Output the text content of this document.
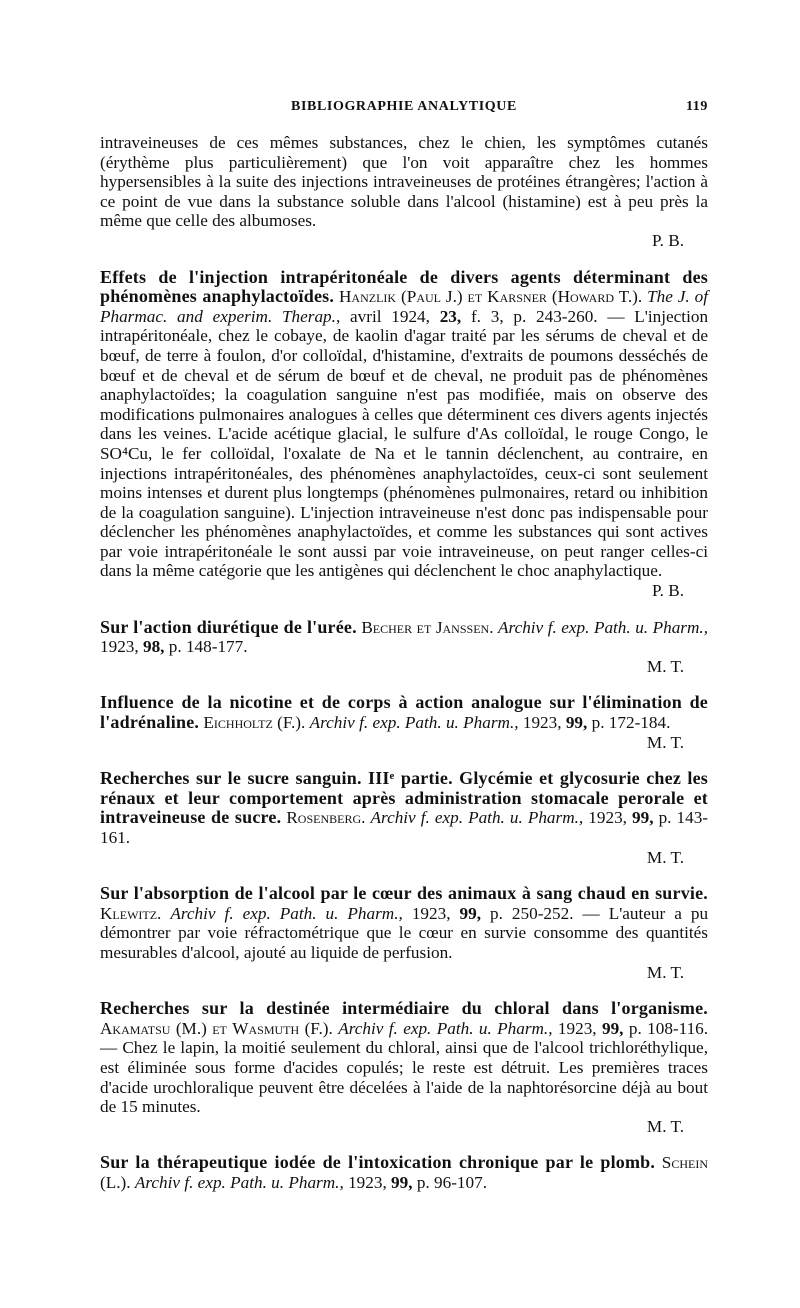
BIBLIOGRAPHIE ANALYTIQUE	119

intraveineuses de ces mêmes substances, chez le chien, les symptômes cutanés (érythème plus particulièrement) que l'on voit apparaître chez les hommes hypersensibles à la suite des injections intraveineuses de protéines étrangères; l'action à ce point de vue dans la substance soluble dans l'alcool (histamine) est à peu près la même que celle des albumoses.
P. B.

Effets de l'injection intrapéritonéale de divers agents déterminant des phénomènes anaphylactoïdes. Hanzlik (Paul J.) et Karsner (Howard T.). The J. of Pharmac. and experim. Therap., avril 1924, 23, f. 3, p. 243-260. — L'injection intrapéritonéale, chez le cobaye, de kaolin d'agar traité par les sérums de cheval et de bœuf, de terre à foulon, d'or colloïdal, d'histamine, d'extraits de poumons desséchés de bœuf et de cheval et de sérum de bœuf et de cheval, ne produit pas de phénomènes anaphylactoïdes; la coagulation sanguine n'est pas modifiée, mais on observe des modifications pulmonaires analogues à celles que déterminent ces divers agents injectés dans les veines. L'acide acétique glacial, le sulfure d'As colloïdal, le rouge Congo, le SO⁴Cu, le fer colloïdal, l'oxalate de Na et le tannin déclenchent, au contraire, en injections intrapéritonéales, des phénomènes anaphylactoïdes, ceux-ci sont seulement moins intenses et durent plus longtemps (phénomènes pulmonaires, retard ou inhibition de la coagulation sanguine). L'injection intraveineuse n'est donc pas indispensable pour déclencher les phénomènes anaphylactoïdes, et comme les substances qui sont actives par voie intrapéritonéale le sont aussi par voie intraveineuse, on peut ranger celles-ci dans la même catégorie que les antigènes qui déclenchent le choc anaphylactique.
P. B.

Sur l'action diurétique de l'urée. Becher et Janssen. Archiv f. exp. Path. u. Pharm., 1923, 98, p. 148-177.
M. T.

Influence de la nicotine et de corps à action analogue sur l'élimination de l'adrénaline. Eichholtz (F.). Archiv f. exp. Path. u. Pharm., 1923, 99, p. 172-184.
M. T.

Recherches sur le sucre sanguin. IIIᵉ partie. Glycémie et glycosurie chez les rénaux et leur comportement après administration stomacale perorale et intraveineuse de sucre. Rosenberg. Archiv f. exp. Path. u. Pharm., 1923, 99, p. 143-161.
M. T.

Sur l'absorption de l'alcool par le cœur des animaux à sang chaud en survie. Klewitz. Archiv f. exp. Path. u. Pharm., 1923, 99, p. 250-252. — L'auteur a pu démontrer par voie réfractométrique que le cœur en survie consomme des quantités mesurables d'alcool, ajouté au liquide de perfusion.
M. T.

Recherches sur la destinée intermédiaire du chloral dans l'organisme. Akamatsu (M.) et Wasmuth (F.). Archiv f. exp. Path. u. Pharm., 1923, 99, p. 108-116. — Chez le lapin, la moitié seulement du chloral, ainsi que de l'alcool trichloréthylique, est éliminée sous forme d'acides copulés; le reste est détruit. Les premières traces d'acide urochloralique peuvent être décelées à l'aide de la naphtorésorcine déjà au bout de 15 minutes.
M. T.

Sur la thérapeutique iodée de l'intoxication chronique par le plomb. Schein (L.). Archiv f. exp. Path. u. Pharm., 1923, 99, p. 96-107.
